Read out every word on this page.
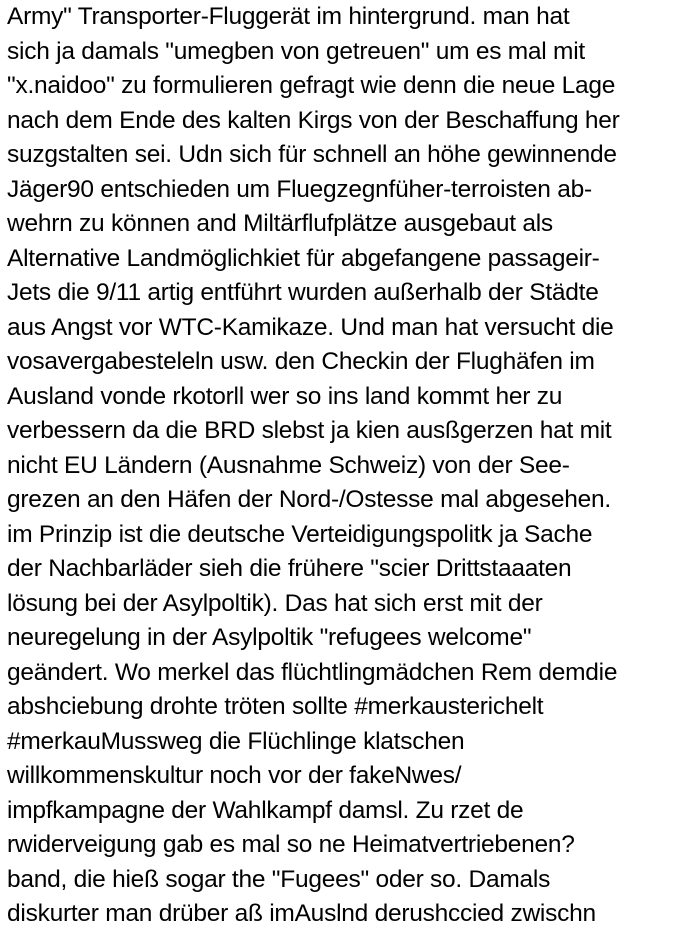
Army" Transporter-Fluggerät im hintergrund. man hat
sich ja damals "umegben von getreuen" um es mal mit
"x.naidoo" zu formulieren gefragt wie denn die neue Lage
nach dem Ende des kalten Kirgs von der Beschaffung her
suzgstalten sei. Udn sich für schnell an höhe gewinnende
Jäger90 entschieden um Fluegzegnfüher-terroisten ab-
wehrn zu können and Miltärflufplätze ausgebaut als
Alternative Landmöglichkiet für abgefangene passageir-
Jets die 9/11 artig entführt wurden außerhalb der Städte
aus Angst vor WTC-Kamikaze. Und man hat versucht die
vosavergabesteleln usw. den Checkin der Flughäfen im
Ausland vonde rkotorll wer so ins land kommt her zu
verbessern da die BRD slebst ja kien ausßgerzen hat mit
nicht EU Ländern (Ausnahme Schweiz) von der See-
grezen an den Häfen der Nord-/Ostesse mal abgesehen.
im Prinzip ist die deutsche Verteidigungspolitk ja Sache
der Nachbarläder sieh die frühere "scier Drittstaaaten
lösung bei der Asylpoltik). Das hat sich erst mit der
neuregelung in der Asylpoltik "refugees welcome"
geändert. Wo merkel das flüchtlingmädchen Rem demdie
abshciebung drohte tröten sollte #merkausterichelt
#merkauMussweg die Flüchlinge klatschen
willkommenskultur noch vor der fakeNwes/
impfkampagne der Wahlkampf damsl. Zu rzet de
rwiderveigung gab es mal so ne Heimatvertriebenen?
band, die hieß sogar the "Fugees" oder so. Damals
diskurter man drüber aß imAuslnd derushccied zwischn
